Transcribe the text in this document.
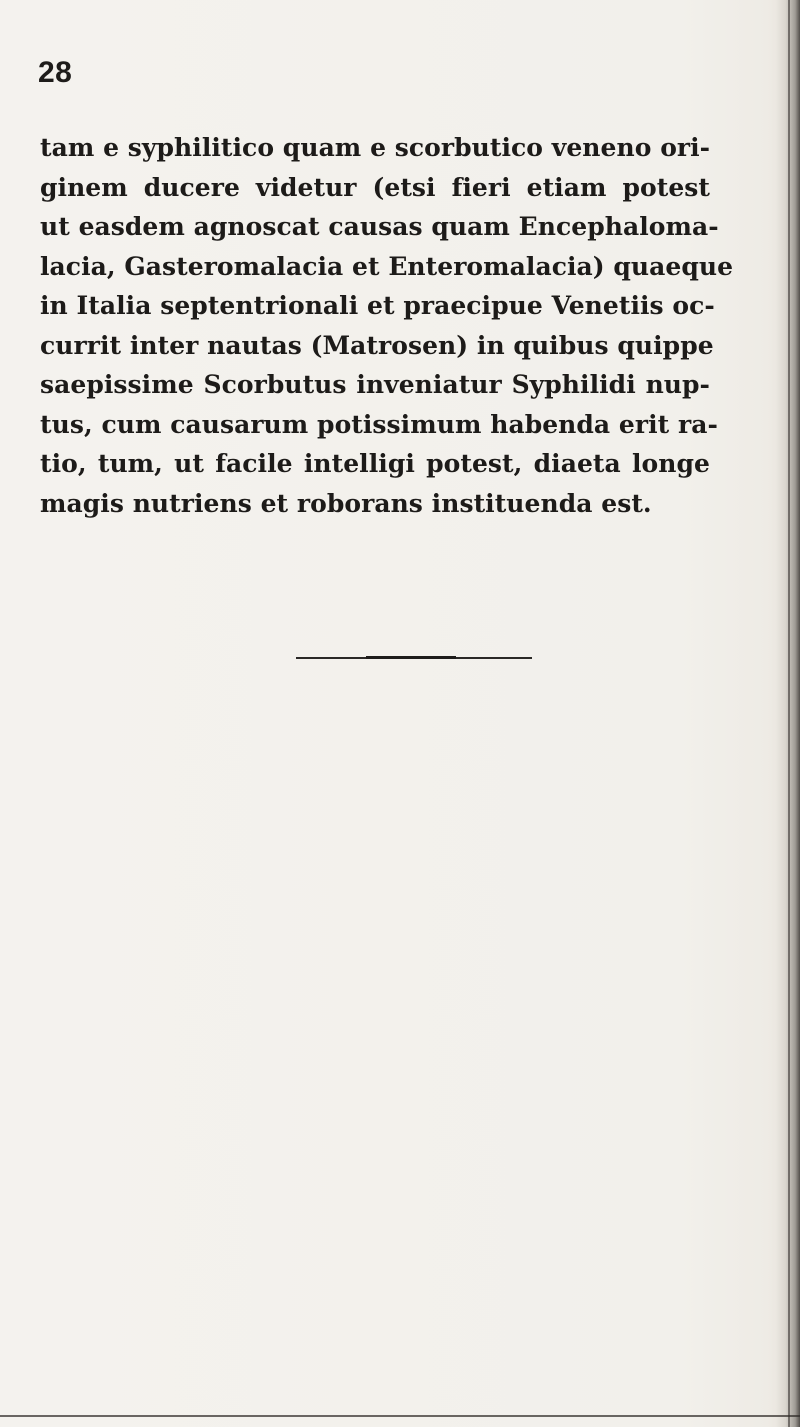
28
tam e syphilitico quam e scorbutico veneno ori-
ginem ducere videtur (etsi fieri etiam potest
ut easdem agnoscat causas quam Encephaloma-
lacia, Gasteromalacia et Enteromalacia) quaeque
in Italia septentrionali et praecipue Venetiis oc-
currit inter nautas (Matrosen) in quibus quippe
saepissime Scorbutus inveniatur Syphilidi nup-
tus, cum causarum potissimum habenda erit ra-
tio, tum, ut facile intelligi potest, diaeta longe
magis nutriens et roborans instituenda est.
